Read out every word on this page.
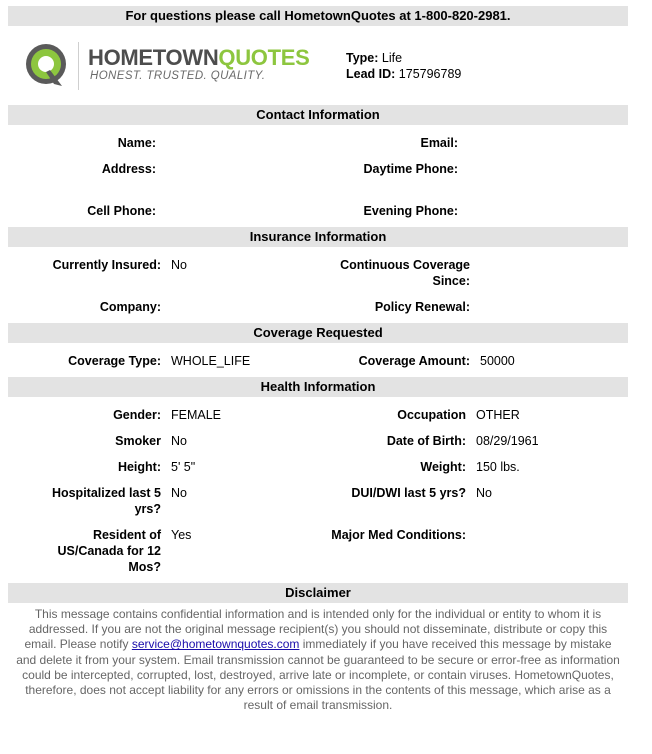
For questions please call HometownQuotes at 1-800-820-2981.
HOMETOWNQUOTES
HONEST. TRUSTED. QUALITY.
Type: Life
Lead ID: 175796789
Contact Information
Name:	Email:
Address:	Daytime Phone:
Cell Phone:	Evening Phone:
Insurance Information
Currently Insured: No	Continuous Coverage
Since:
Company:	Policy Renewal:
Coverage Requested
Coverage Type: WHOLE_LIFE	Coverage Amount: 50000
Health Information
Gender: FEMALE	Occupation OTHER
Smoker No	Date of Birth: 08/29/1961
Height: 5' 5"	Weight: 150 lbs.
Hospitalized last 5
yrs?
No	DUI/DWI last 5 yrs? No
Resident of
US/Canada for 12
Mos?
Yes	Major Med Conditions:
Disclaimer
This message contains confidential information and is intended only for the individual or entity to whom it is addressed. If you are not the original message recipient(s) you should not disseminate, distribute or copy this email. Please notify service@hometownquotes.com immediately if you have received this message by mistake and delete it from your system. Email transmission cannot be guaranteed to be secure or error-free as information could be intercepted, corrupted, lost, destroyed, arrive late or incomplete, or contain viruses. HometownQuotes, therefore, does not accept liability for any errors or omissions in the contents of this message, which arise as a result of email transmission.
